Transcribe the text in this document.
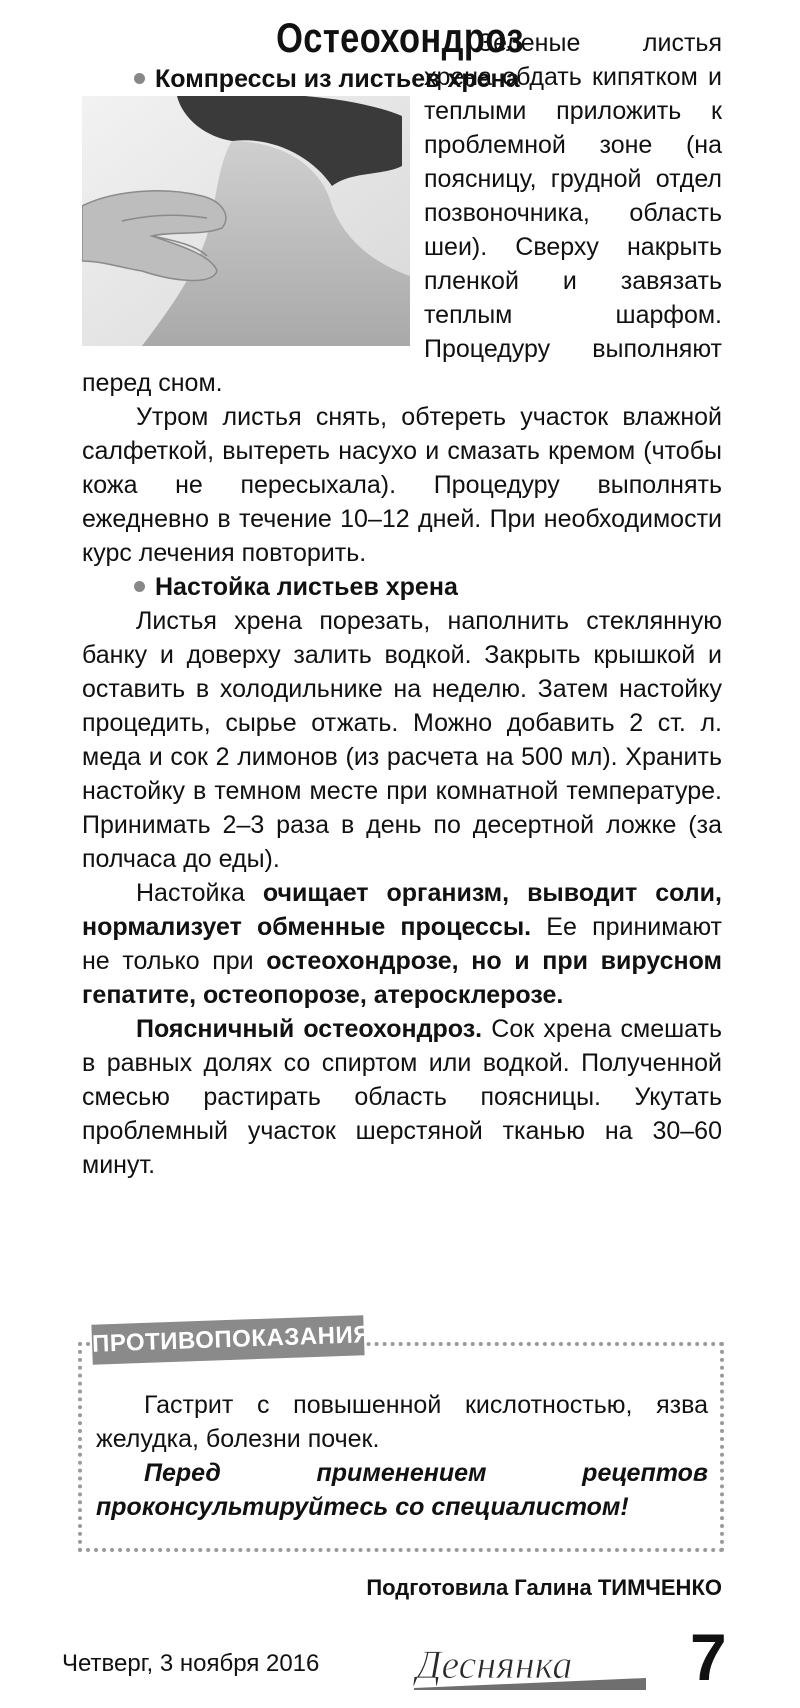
Остеохондроз

Компрессы из листьев хрена

Зеленые листья хрена обдать кипятком и теплыми приложить к проблемной зоне (на поясницу, грудной отдел позвоночника, область шеи). Сверху накрыть пленкой и завязать теплым шарфом. Процедуру выполняют перед сном.

Утром листья снять, обтереть участок влажной салфеткой, вытереть насухо и смазать кремом (чтобы кожа не пересыхала). Процедуру выполнять ежедневно в течение 10–12 дней. При необходимости курс лечения повторить.

Настойка листьев хрена

Листья хрена порезать, наполнить стеклянную банку и доверху залить водкой. Закрыть крышкой и оставить в холодильнике на неделю. Затем настойку процедить, сырье отжать. Можно добавить 2 ст. л. меда и сок 2 лимонов (из расчета на 500 мл). Хранить настойку в темном месте при комнатной температуре. Принимать 2–3 раза в день по десертной ложке (за полчаса до еды).

Настойка очищает организм, выводит соли, нормализует обменные процессы. Ее принимают не только при остеохондрозе, но и при вирусном гепатите, остеопорозе, атеросклерозе.

Поясничный остеохондроз. Сок хрена смешать в равных долях со спиртом или водкой. Полученной смесью растирать область поясницы. Укутать проблемный участок шерстяной тканью на 30–60 минут.

ПРОТИВОПОКАЗАНИЯ

Гастрит с повышенной кислотностью, язва желудка, болезни почек.

Перед применением рецептов проконсультируйтесь со специалистом!

Подготовила Галина ТИМЧЕНКО
Четверг, 3 ноября 2016 Деснянка 7
